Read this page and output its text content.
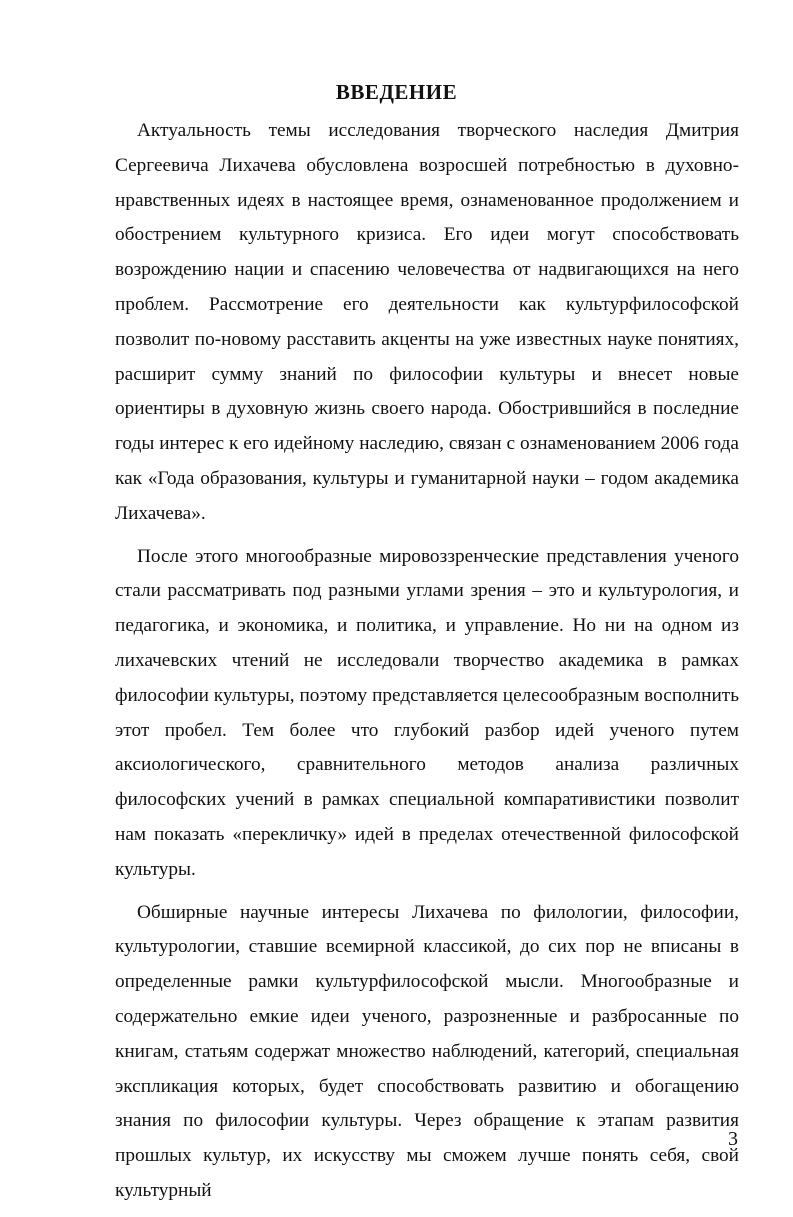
ВВЕДЕНИЕ

Актуальность темы исследования творческого наследия Дмитрия Сергеевича Лихачева обусловлена возросшей потребностью в духовно-нравственных идеях в настоящее время, ознаменованное продолжением и обострением культурного кризиса. Его идеи могут способствовать возрождению нации и спасению человечества от надвигающихся на него проблем. Рассмотрение его деятельности как культурфилософской позволит по-новому расставить акценты на уже известных науке понятиях, расширит сумму знаний по философии культуры и внесет новые ориентиры в духовную жизнь своего народа. Обострившийся в последние годы интерес к его идейному наследию, связан с ознаменованием 2006 года как «Года образования, культуры и гуманитарной науки – годом академика Лихачева».

После этого многообразные мировоззренческие представления ученого стали рассматривать под разными углами зрения – это и культурология, и педагогика, и экономика, и политика, и управление. Но ни на одном из лихачевских чтений не исследовали творчество академика в рамках философии культуры, поэтому представляется целесообразным восполнить этот пробел. Тем более что глубокий разбор идей ученого путем аксиологического, сравнительного методов анализа различных философских учений в рамках специальной компаративистики позволит нам показать «перекличку» идей в пределах отечественной философской культуры.

Обширные научные интересы Лихачева по филологии, философии, культурологии, ставшие всемирной классикой, до сих пор не вписаны в определенные рамки культурфилософской мысли. Многообразные и содержательно емкие идеи ученого, разрозненные и разбросанные по книгам, статьям содержат множество наблюдений, категорий, специальная экспликация которых, будет способствовать развитию и обогащению знания по философии культуры. Через обращение к этапам развития прошлых культур, их искусству мы сможем лучше понять себя, свой культурный

3
